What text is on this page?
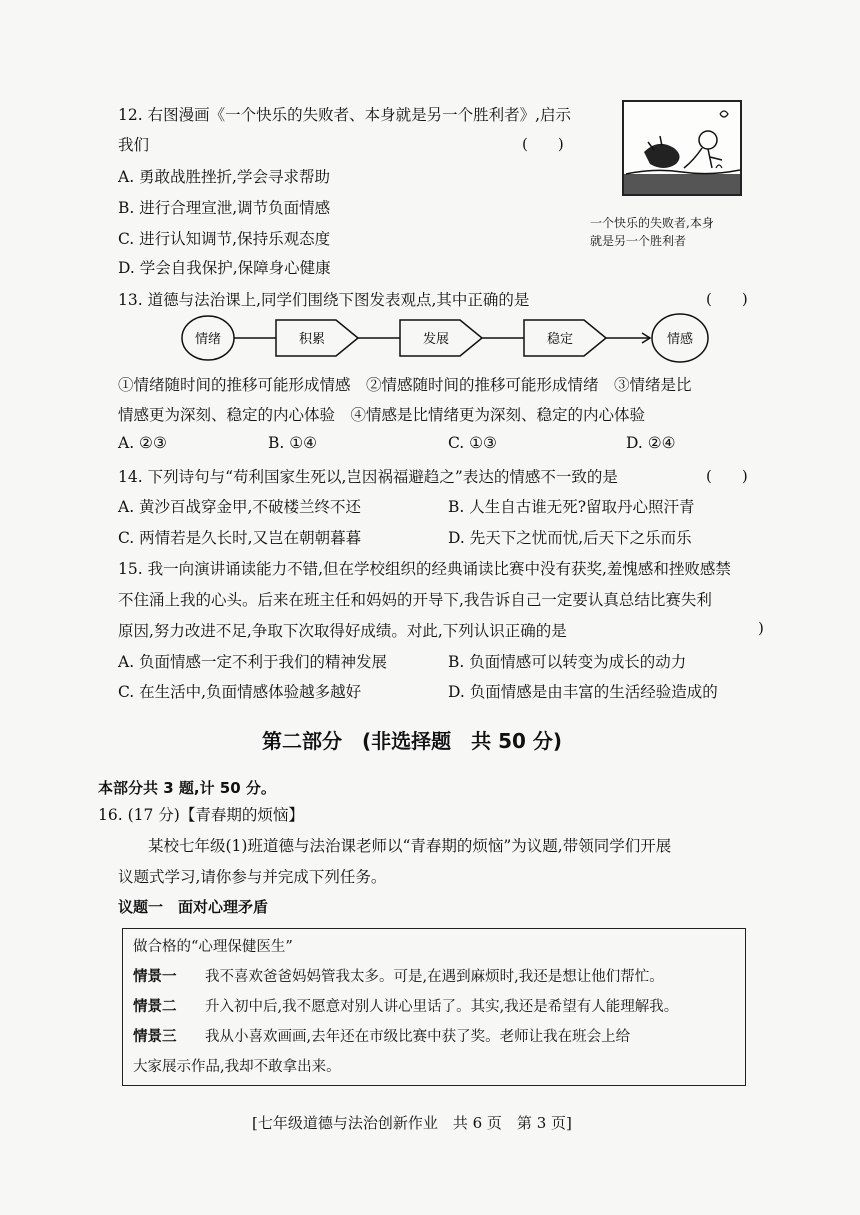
12. 右图漫画《一个快乐的失败者、本身就是另一个胜利者》,启示
我们	(　　)
A. 勇敢战胜挫折,学会寻求帮助
B. 进行合理宣泄,调节负面情感
C. 进行认知调节,保持乐观态度
D. 学会自我保护,保障身心健康
一个快乐的失败者,本身
就是另一个胜利者
13. 道德与法治课上,同学们围绕下图发表观点,其中正确的是	(　　)
情绪	积累	发展	稳定	情感
①情绪随时间的推移可能形成情感　②情感随时间的推移可能形成情绪　③情绪是比
情感更为深刻、稳定的内心体验　④情感是比情绪更为深刻、稳定的内心体验
A. ②③	B. ①④	C. ①③	D. ②④
14. 下列诗句与“苟利国家生死以,岂因祸福避趋之”表达的情感不一致的是	(　　)
A. 黄沙百战穿金甲,不破楼兰终不还	B. 人生自古谁无死?留取丹心照汗青
C. 两情若是久长时,又岂在朝朝暮暮	D. 先天下之忧而忧,后天下之乐而乐
15. 我一向演讲诵读能力不错,但在学校组织的经典诵读比赛中没有获奖,羞愧感和挫败感禁
不住涌上我的心头。后来在班主任和妈妈的开导下,我告诉自己一定要认真总结比赛失利
原因,努力改进不足,争取下次取得好成绩。对此,下列认识正确的是	)
A. 负面情感一定不利于我们的精神发展	B. 负面情感可以转变为成长的动力
C. 在生活中,负面情感体验越多越好	D. 负面情感是由丰富的生活经验造成的
第二部分　(非选择题　共 50 分)
本部分共 3 题,计 50 分。
16. (17 分)【青春期的烦恼】
某校七年级(1)班道德与法治课老师以“青春期的烦恼”为议题,带领同学们开展
议题式学习,请你参与并完成下列任务。
议题一　面对心理矛盾
做合格的“心理保健医生”
情景一 我不喜欢爸爸妈妈管我太多。可是,在遇到麻烦时,我还是想让他们帮忙。
情景二 升入初中后,我不愿意对别人讲心里话了。其实,我还是希望有人能理解我。
情景三 我从小喜欢画画,去年还在市级比赛中获了奖。老师让我在班会上给
大家展示作品,我却不敢拿出来。
[七年级道德与法治创新作业　共 6 页　第 3 页]
